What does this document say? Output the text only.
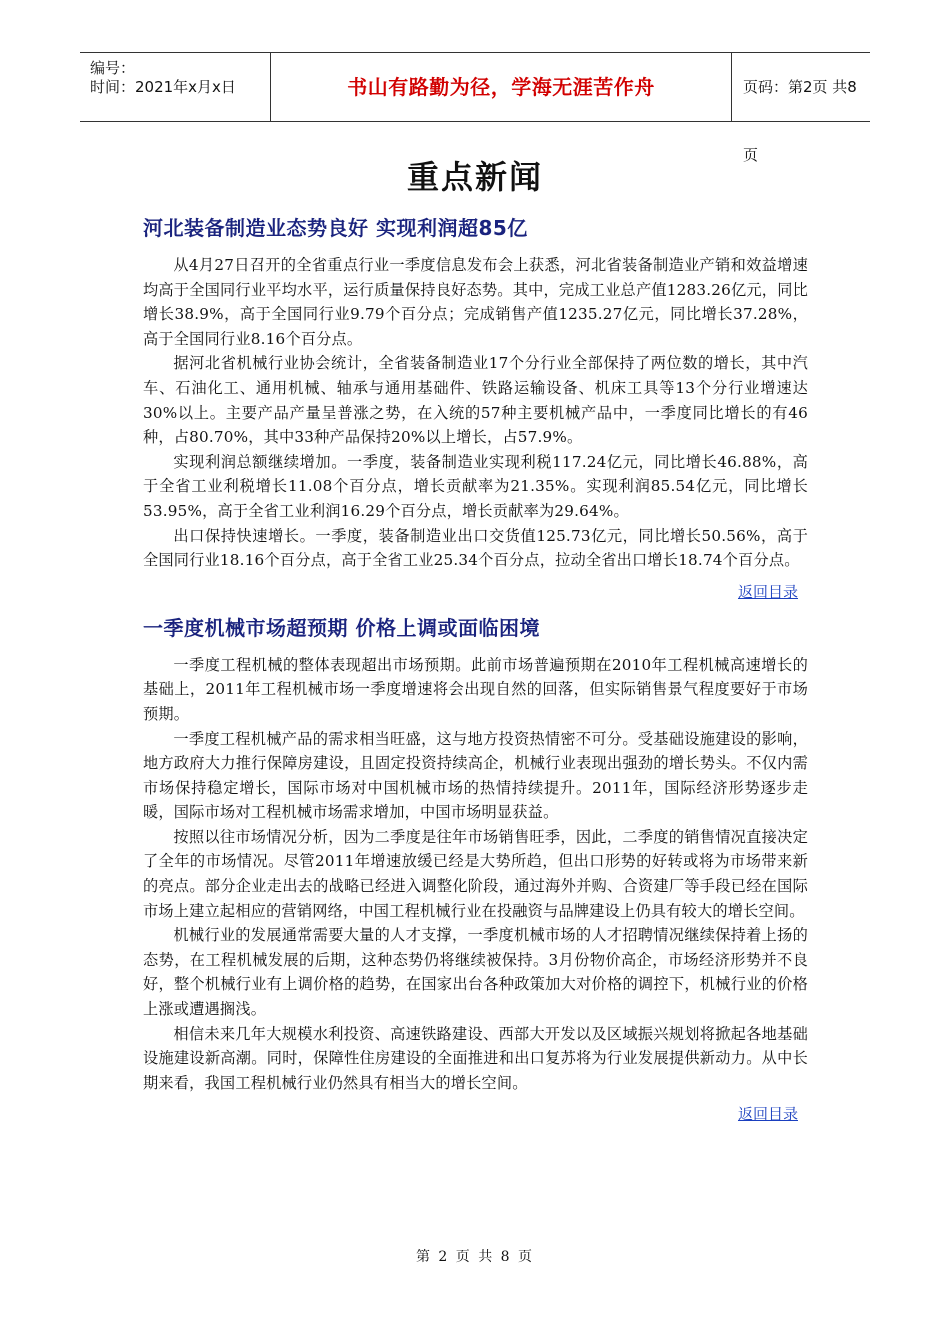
编号：

时间：2021年x月x日	书山有路勤为径，学海无涯苦作舟	页码：第2页 共8页
重点新闻
河北装备制造业态势良好 实现利润超85亿

从4月27日召开的全省重点行业一季度信息发布会上获悉，河北省装备制造业产销和效益增速均高于全国同行业平均水平，运行质量保持良好态势。其中，完成工业总产值1283.26亿元，同比增长38.9%，高于全国同行业9.79个百分点；完成销售产值1235.27亿元，同比增长37.28%，高于全国同行业8.16个百分点。

据河北省机械行业协会统计，全省装备制造业17个分行业全部保持了两位数的增长，其中汽车、石油化工、通用机械、轴承与通用基础件、铁路运输设备、机床工具等13个分行业增速达30%以上。主要产品产量呈普涨之势，在入统的57种主要机械产品中，一季度同比增长的有46种，占80.70%，其中33种产品保持20%以上增长，占57.9%。

实现利润总额继续增加。一季度，装备制造业实现利税117.24亿元，同比增长46.88%，高于全省工业利税增长11.08个百分点，增长贡献率为21.35%。实现利润85.54亿元，同比增长53.95%，高于全省工业利润16.29个百分点，增长贡献率为29.64%。

出口保持快速增长。一季度，装备制造业出口交货值125.73亿元，同比增长50.56%，高于全国同行业18.16个百分点，高于全省工业25.34个百分点，拉动全省出口增长18.74个百分点。

返回目录
一季度机械市场超预期 价格上调或面临困境

一季度工程机械的整体表现超出市场预期。此前市场普遍预期在2010年工程机械高速增长的基础上，2011年工程机械市场一季度增速将会出现自然的回落，但实际销售景气程度要好于市场预期。

一季度工程机械产品的需求相当旺盛，这与地方投资热情密不可分。受基础设施建设的影响，地方政府大力推行保障房建设，且固定投资持续高企，机械行业表现出强劲的增长势头。不仅内需市场保持稳定增长，国际市场对中国机械市场的热情持续提升。2011年，国际经济形势逐步走暖，国际市场对工程机械市场需求增加，中国市场明显获益。

按照以往市场情况分析，因为二季度是往年市场销售旺季，因此，二季度的销售情况直接决定了全年的市场情况。尽管2011年增速放缓已经是大势所趋，但出口形势的好转或将为市场带来新的亮点。部分企业走出去的战略已经进入调整化阶段，通过海外并购、合资建厂等手段已经在国际市场上建立起相应的营销网络，中国工程机械行业在投融资与品牌建设上仍具有较大的增长空间。

机械行业的发展通常需要大量的人才支撑，一季度机械市场的人才招聘情况继续保持着上扬的态势，在工程机械发展的后期，这种态势仍将继续被保持。3月份物价高企，市场经济形势并不良好，整个机械行业有上调价格的趋势，在国家出台各种政策加大对价格的调控下，机械行业的价格上涨或遭遇搁浅。

相信未来几年大规模水利投资、高速铁路建设、西部大开发以及区域振兴规划将掀起各地基础设施建设新高潮。同时，保障性住房建设的全面推进和出口复苏将为行业发展提供新动力。从中长期来看，我国工程机械行业仍然具有相当大的增长空间。

返回目录
第 2 页 共 8 页
